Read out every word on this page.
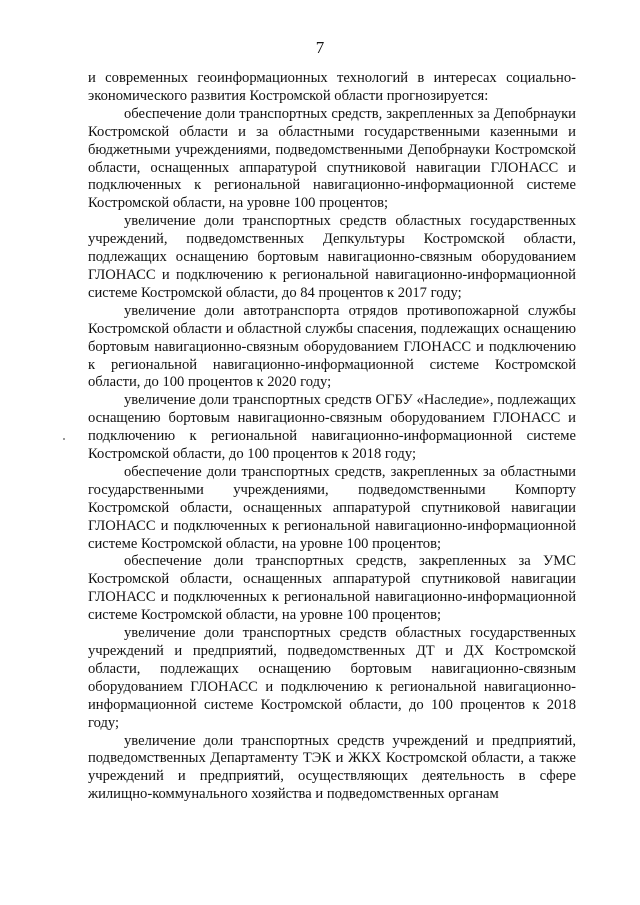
7

и современных геоинформационных технологий в интересах социально-экономического развития Костромской области прогнозируется:

обеспечение доли транспортных средств, закрепленных за Депобрнауки Костромской области и за областными государственными казенными и бюджетными учреждениями, подведомственными Депобрнауки Костромской области, оснащенных аппаратурой спутниковой навигации ГЛОНАСС и подключенных к региональной навигационно-информационной системе Костромской области, на уровне 100 процентов;

увеличение доли транспортных средств областных государственных учреждений, подведомственных Депкультуры Костромской области, подлежащих оснащению бортовым навигационно-связным оборудованием ГЛОНАСС и подключению к региональной навигационно-информационной системе Костромской области, до 84 процентов к 2017 году;

увеличение доли автотранспорта отрядов противопожарной службы Костромской области и областной службы спасения, подлежащих оснащению бортовым навигационно-связным оборудованием ГЛОНАСС и подключению к региональной навигационно-информационной системе Костромской области, до 100 процентов к 2020 году;

увеличение доли транспортных средств ОГБУ «Наследие», подлежащих оснащению бортовым навигационно-связным оборудованием ГЛОНАСС и подключению к региональной навигационно-информационной системе Костромской области, до 100 процентов к 2018 году;

обеспечение доли транспортных средств, закрепленных за областными государственными учреждениями, подведомственными Компорту Костромской области, оснащенных аппаратурой спутниковой навигации ГЛОНАСС и подключенных к региональной навигационно-информационной системе Костромской области, на уровне 100 процентов;

обеспечение доли транспортных средств, закрепленных за УМС Костромской области, оснащенных аппаратурой спутниковой навигации ГЛОНАСС и подключенных к региональной навигационно-информационной системе Костромской области, на уровне 100 процентов;

увеличение доли транспортных средств областных государственных учреждений и предприятий, подведомственных ДТ и ДХ Костромской области, подлежащих оснащению бортовым навигационно-связным оборудованием ГЛОНАСС и подключению к региональной навигационно-информационной системе Костромской области, до 100 процентов к 2018 году;

увеличение доли транспортных средств учреждений и предприятий, подведомственных Департаменту ТЭК и ЖКХ Костромской области, а также учреждений и предприятий, осуществляющих деятельность в сфере жилищно-коммунального хозяйства и подведомственных органам
